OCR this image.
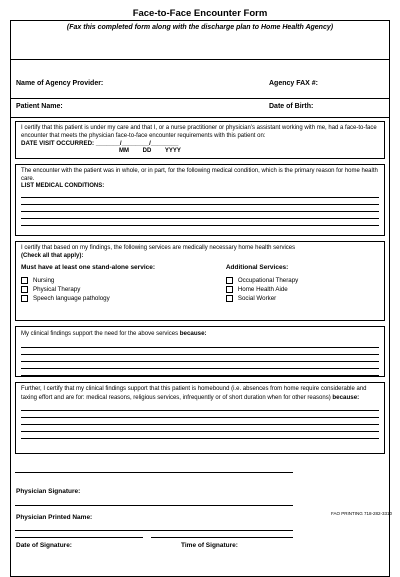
Face-to-Face Encounter Form
(Fax this completed form along with the discharge plan to Home Health Agency)
Name of Agency Provider:	Agency FAX #:
Patient Name:	Date of Birth:
I certify that this patient is under my care and that I, or a nurse practitioner or physician’s assistant working with me, had a face-to-face encounter that meets the physician face-to-face encounter requirements with this patient on:
DATE VISIT OCCURRED: _______/________/________
MM DD YYYY
The encounter with the patient was in whole, or in part, for the following medical condition, which is the primary reason for home health care.
LIST MEDICAL CONDITIONS:
I certify that based on my findings, the following services are medically necessary home health services
(Check all that apply):
Must have at least one stand-alone service:
Nursing
Physical Therapy
Speech language pathology
Additional Services:
Occupational Therapy
Home Health Aide
Social Worker
My clinical findings support the need for the above services because:
Further, I certify that my clinical findings support that this patient is homebound (i.e. absences from home require considerable and taxing effort and are for: medical reasons, religious services, infrequently or of short duration when for other reasons) because:
Physician Signature:
Physician Printed Name:
Date of Signature:	Time of Signature:
FAO PRINTING 718-282-3310
